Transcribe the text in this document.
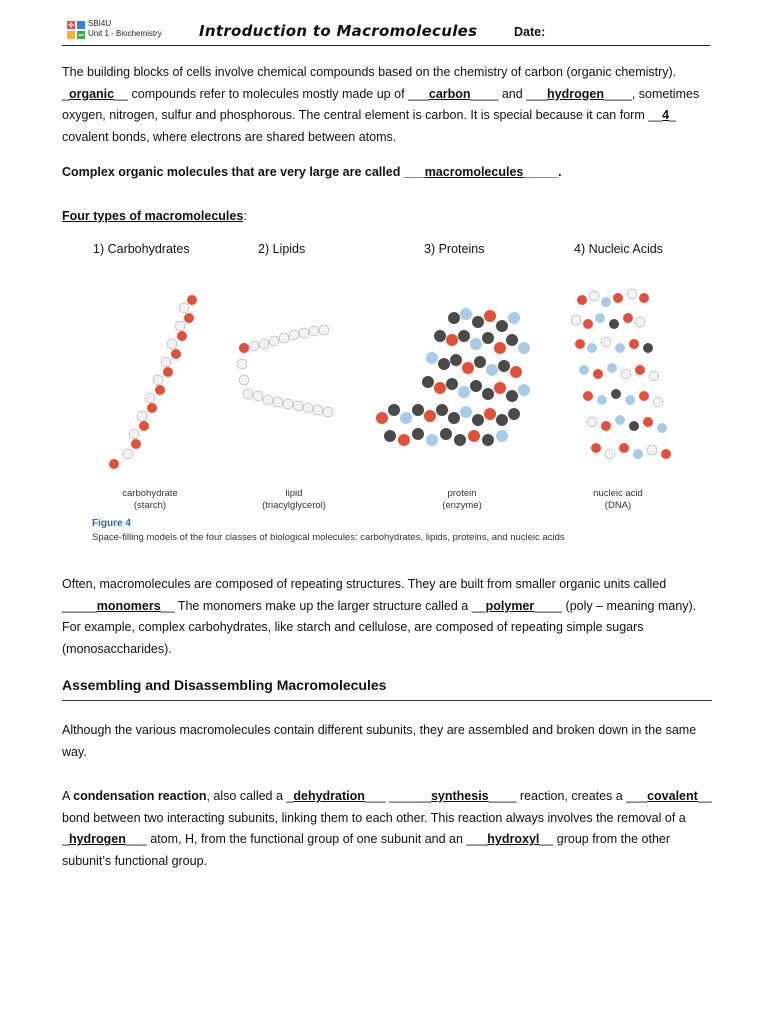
SBI4U
Unit 1 - Biochemistry Introduction to Macromolecules	Date:
The building blocks of cells involve chemical compounds based on the chemistry of carbon (organic chemistry). _organic__ compounds refer to molecules mostly made up of ___carbon____ and ___hydrogen____, sometimes oxygen, nitrogen, sulfur and phosphorous. The central element is carbon. It is special because it can form __4_ covalent bonds, where electrons are shared between atoms.
Complex organic molecules that are very large are called ___macromolecules_____.
Four types of macromolecules:
1) Carbohydrates	2) Lipids	3) Proteins	4) Nucleic Acids
carbohydrate
(starch)
lipid
(triacylglycerol)
protein
(enzyme)
nucleic acid
(DNA)
Figure 4
Space-filling models of the four classes of biological molecules: carbohydrates, lipids, proteins, and nucleic acids
Often, macromolecules are composed of repeating structures. They are built from smaller organic units called _____monomers__ The monomers make up the larger structure called a __polymer____ (poly – meaning many). For example, complex carbohydrates, like starch and cellulose, are composed of repeating simple sugars (monosaccharides).
Assembling and Disassembling Macromolecules
Although the various macromolecules contain different subunits, they are assembled and broken down in the same way.
A condensation reaction, also called a _dehydration___ ______synthesis____ reaction, creates a ___covalent__ bond between two interacting subunits, linking them to each other. This reaction always involves the removal of a _hydrogen___ atom, H, from the functional group of one subunit and an ___hydroxyl__ group from the other subunit’s functional group.
